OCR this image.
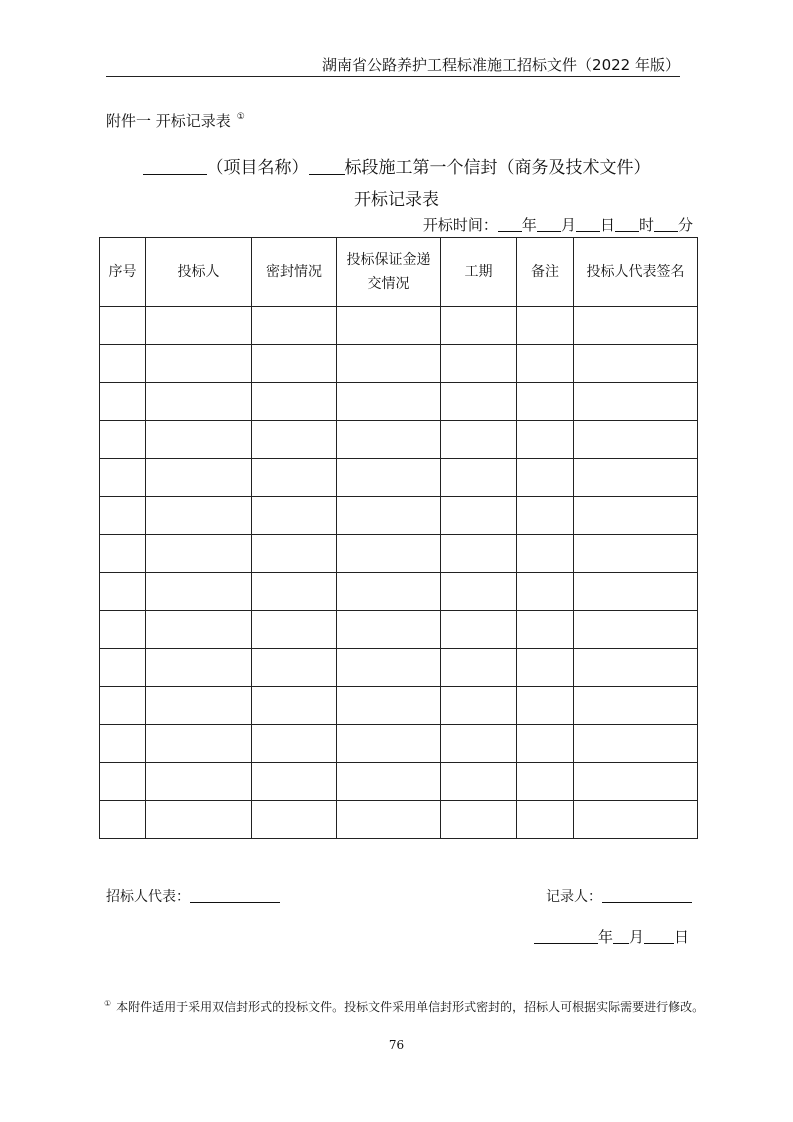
湖南省公路养护工程标准施工招标文件（2022 年版）
附件一 开标记录表 ①
（项目名称） 标段施工第一个信封（商务及技术文件）
开标记录表
开标时间： 年 月 日 时 分
序号	投标人	密封情况	投标保证金递交情况	工期	备注	投标人代表签名

招标人代表：	记录人：
年 月 日
① 本附件适用于采用双信封形式的投标文件。投标文件采用单信封形式密封的，招标人可根据实际需要进行修改。
76
